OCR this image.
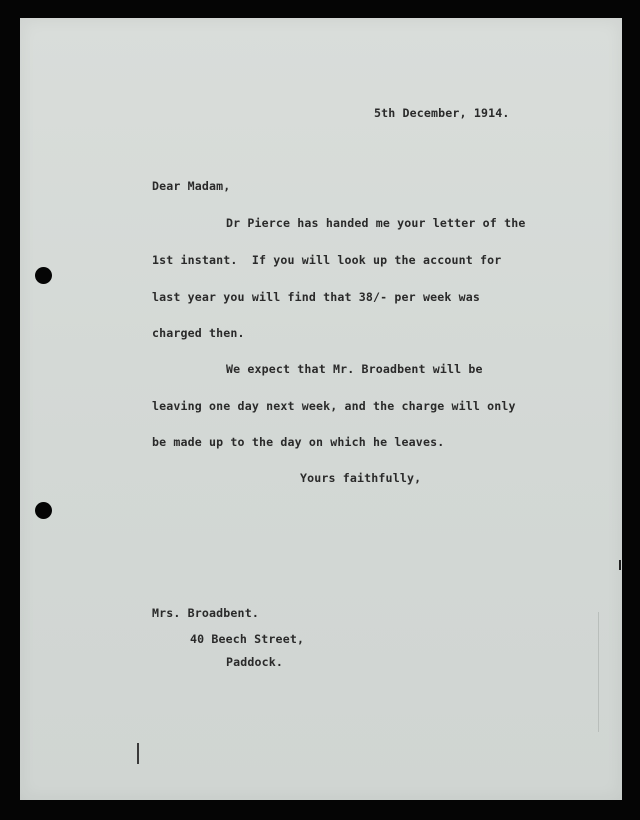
5th December, 1914.

Dear Madam,

Dr Pierce has handed me your letter of the

1st instant.  If you will look up the account for

last year you will find that 38/- per week was

charged then.

We expect that Mr. Broadbent will be

leaving one day next week, and the charge will only

be made up to the day on which he leaves.

Yours faithfully,

Mrs. Broadbent.

40 Beech Street,

Paddock.
